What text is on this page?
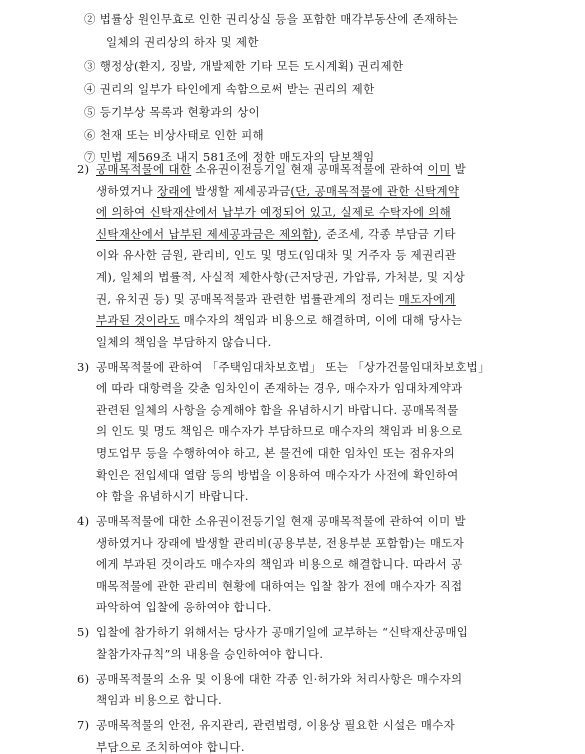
② 법률상 원인무효로 인한 권리상실 등을 포함한 매각부동산에 존재하는
일체의 권리상의 하자 및 제한
③ 행정상(환지, 징발, 개발제한 기타 모든 도시계획) 권리제한
④ 권리의 일부가 타인에게 속함으로써 받는 권리의 제한
⑤ 등기부상 목록과 현황과의 상이
⑥ 천재 또는 비상사태로 인한 피해
⑦ 민법 제569조 내지 581조에 정한 매도자의 담보책임
2) 공매목적물에 대한 소유권이전등기일 현재 공매목적물에 관하여 이미 발
생하였거나 장래에 발생할 제세공과금(단, 공매목적물에 관한 신탁계약
에 의하여 신탁재산에서 납부가 예정되어 있고, 실제로 수탁자에 의해
신탁재산에서 납부된 제세공과금은 제외함), 준조세, 각종 부담금 기타
이와 유사한 금원, 관리비, 인도 및 명도(임대차 및 거주자 등 제권리관
계), 일체의 법률적, 사실적 제한사항(근저당권, 가압류, 가처분, 및 지상
권, 유치권 등) 및 공매목적물과 관련한 법률관계의 정리는 매도자에게
부과된 것이라도 매수자의 책임과 비용으로 해결하며, 이에 대해 당사는
일체의 책임을 부담하지 않습니다.
3) 공매목적물에 관하여 「주택임대차보호법」 또는 「상가건물임대차보호법」
에 따라 대항력을 갖춘 임차인이 존재하는 경우, 매수자가 임대차계약과
관련된 일체의 사항을 승계해야 함을 유념하시기 바랍니다. 공매목적물
의 인도 및 명도 책임은 매수자가 부담하므로 매수자의 책임과 비용으로
명도업무 등을 수행하여야 하고, 본 물건에 대한 임차인 또는 점유자의
확인은 전입세대 열람 등의 방법을 이용하여 매수자가 사전에 확인하여
야 함을 유념하시기 바랍니다.
4) 공매목적물에 대한 소유권이전등기일 현재 공매목적물에 관하여 이미 발
생하였거나 장래에 발생할 관리비(공용부분, 전용부분 포함함)는 매도자
에게 부과된 것이라도 매수자의 책임과 비용으로 해결합니다. 따라서 공
매목적물에 관한 관리비 현황에 대하여는 입찰 참가 전에 매수자가 직접
파악하여 입찰에 응하여야 합니다.
5) 입찰에 참가하기 위해서는 당사가 공매기일에 교부하는 “신탁재산공매입
찰참가자규칙”의 내용을 승인하여야 합니다.
6) 공매목적물의 소유 및 이용에 대한 각종 인·허가와 처리사항은 매수자의
책임과 비용으로 합니다.
7) 공매목적물의 안전, 유지관리, 관련법령, 이용상 필요한 시설은 매수자
부담으로 조치하여야 합니다.
